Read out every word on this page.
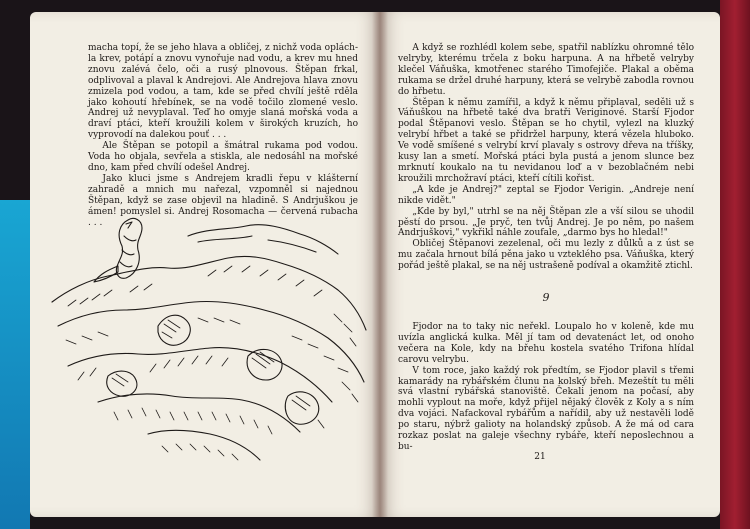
macha topí, že se jeho hlava a obličej, z nichž voda opláchla krev, potápí a znovu vynořuje nad vodu, a krev mu hned znovu zalévá čelo, oči a rusý plnovous. Štěpan frkal, odplivoval a plaval k Andrejovi. Ale Andrejova hlava znovu zmizela pod vodou, a tam, kde se před chvílí ještě rděla jako kohoutí hřebínek, se na vodě točilo zlomené veslo. Andrej už nevyplaval. Teď ho omyje slaná mořská voda a draví ptáci, kteří kroužili kolem v širokých kruzích, ho vyprovodí na dalekou pouť . . .

Ale Štěpan se potopil a šmátral rukama pod vodou. Voda ho objala, sevřela a stiskla, ale nedosáhl na mořské dno, kam před chvílí odešel Andrej.

Jako kluci jsme s Andrejem kradli řepu v klášterní zahradě a mnich mu nařezal, vzpomněl si najednou Štěpan, když se zase objevil na hladině. S Andrjuškou je ámen! pomyslel si. Andrej Rosomacha — červená rubacha . . .

A když se rozhlédl kolem sebe, spatřil nablízku ohromné tělo velryby, kterému trčela z boku harpuna. A na hřbetě velryby klečel Váňuška, kmotřenec starého Timofejiče. Plakal a oběma rukama se držel druhé harpuny, která se velrybě zabodla rovnou do hřbetu.

Štěpan k němu zamířil, a když k němu připlaval, seděli už s Váňuškou na hřbetě také dva bratři Veriginové. Starší Fjodor podal Štěpanovi veslo. Štěpan se ho chytil, vylezl na kluzký velrybí hřbet a také se přidržel harpuny, která vězela hluboko. Ve vodě smíšené s velrybí krví plavaly s ostrovy dřeva na tříšky, kusy lan a smetí. Mořská ptáci byla pustá a jenom slunce bez mrknutí koukalo na tu nevidanou loď a v bezoblačném nebi kroužili mrchožraví ptáci, kteří cítili kořist.

„A kde je Andrej?" zeptal se Fjodor Verigin. „Andreje není nikde vidět."

„Kde by byl," utrhl se na něj Štěpan zle a vší silou se uhodil pěstí do prsou. „Je pryč, ten tvůj Andrej. Je po něm, po našem Andrjuškovi," vykřikl náhle zoufale, „darmo bys ho hledal!"

Obličej Štěpanovi zezelenal, oči mu lezly z důlků a z úst se mu začala hrnout bílá pěna jako u vzteklého psa. Váňuška, který pořád ještě plakal, se na něj ustrašeně podíval a okamžitě ztichl.

9

Fjodor na to taky nic neřekl. Loupalo ho v koleně, kde mu uvízla anglická kulka. Měl jí tam od devatenáct let, od onoho večera na Kole, kdy na břehu kostela svatého Trifona hlídal carovu velrybu.

V tom roce, jako každý rok předtím, se Fjodor plavil s třemi kamarády na rybářském člunu na kolský břeh. Mezeštít tu měli svá vlastní rybářská stanoviště. Čekali jenom na počasí, aby mohli vyplout na moře, když přijel nějaký člověk z Koly a s ním dva vojáci. Nafackoval rybářům a nařídil, aby už nestavěli lodě po staru, nýbrž galioty na holandský způsob. A že má od cara rozkaz poslat na galeje všechny rybáře, kteří neposlechnou a bu-

21
